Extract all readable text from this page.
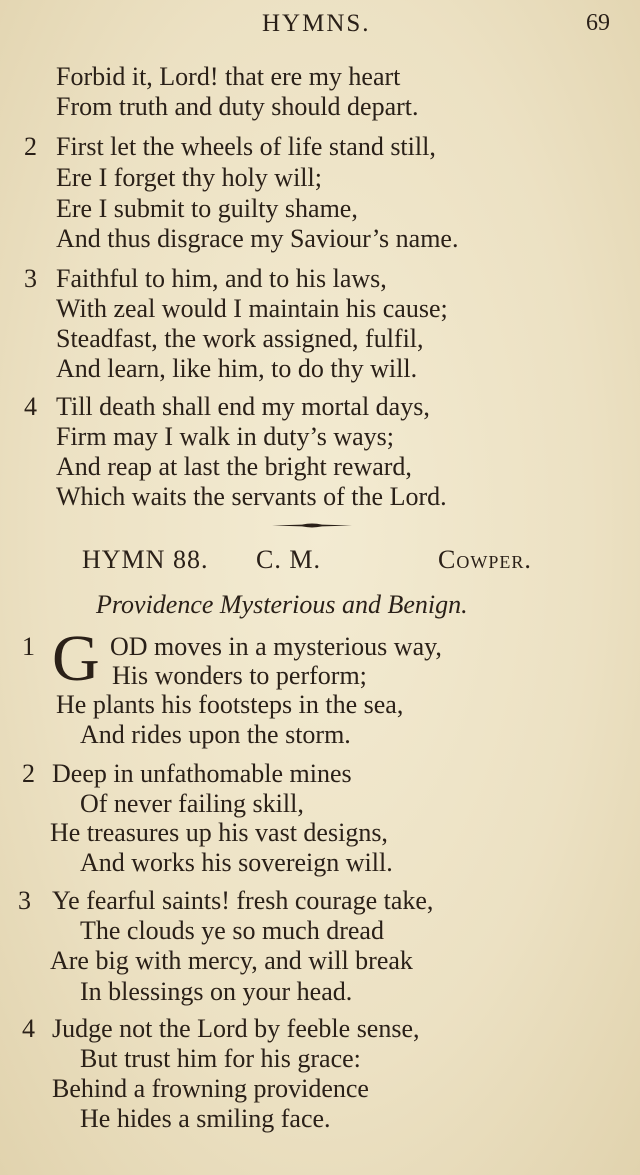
HYMNS.	69
Forbid it, Lord! that ere my heart
From truth and duty should depart.
2 First let the wheels of life stand still,
Ere I forget thy holy will;
Ere I submit to guilty shame,
And thus disgrace my Saviour’s name.
3 Faithful to him, and to his laws,
With zeal would I maintain his cause;
Steadfast, the work assigned, fulfil,
And learn, like him, to do thy will.
4 Till death shall end my mortal days,
Firm may I walk in duty’s ways;
And reap at last the bright reward,
Which waits the servants of the Lord.
HYMN 88. C. M.	Cowper.
Providence Mysterious and Benign.
1 G OD moves in a mysterious way,
His wonders to perform;
He plants his footsteps in the sea,
And rides upon the storm.
2 Deep in unfathomable mines
Of never failing skill,
He treasures up his vast designs,
And works his sovereign will.
3 Ye fearful saints! fresh courage take,
The clouds ye so much dread
Are big with mercy, and will break
In blessings on your head.
4 Judge not the Lord by feeble sense,
But trust him for his grace:
Behind a frowning providence
He hides a smiling face.
